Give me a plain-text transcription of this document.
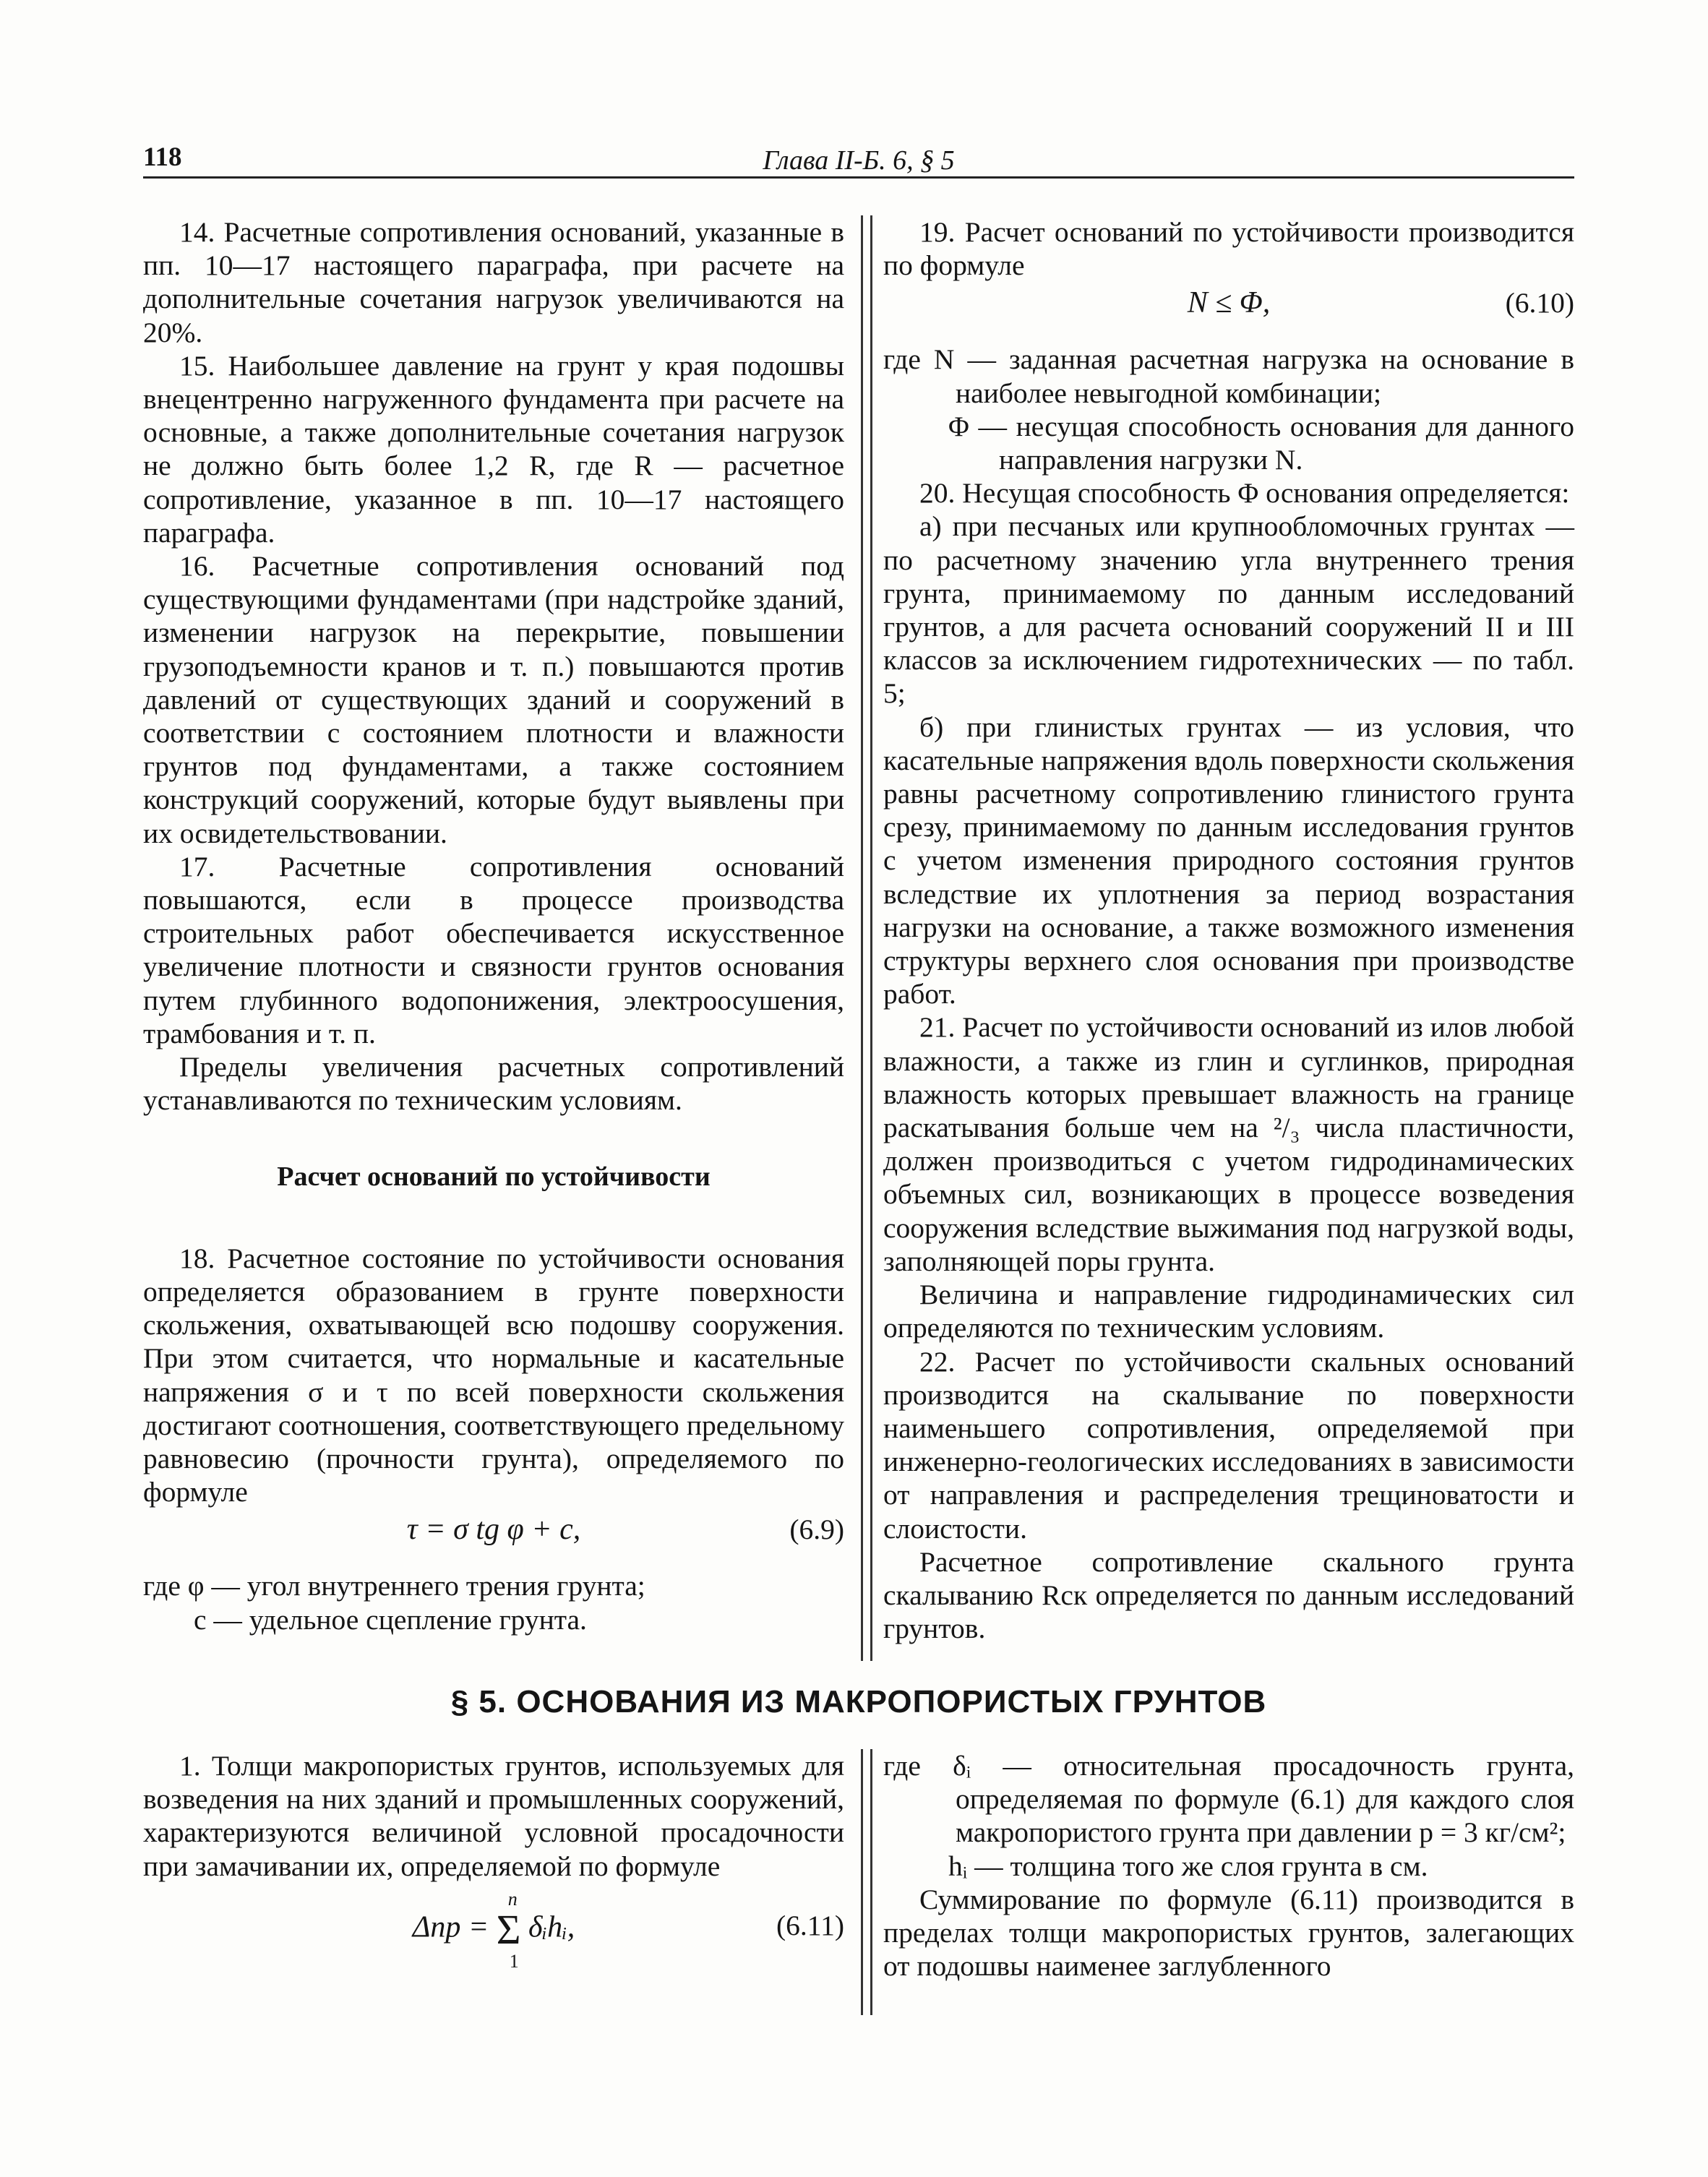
118	Глава II-Б. 6, § 5

14. Расчетные сопротивления оснований, указанные в пп. 10—17 настоящего параграфа, при расчете на дополнительные сочетания нагрузок увеличиваются на 20%.

15. Наибольшее давление на грунт у края подошвы внецентренно нагруженного фундамента при расчете на основные, а также дополнительные сочетания нагрузок не должно быть более 1,2 R, где R — расчетное сопротивление, указанное в пп. 10—17 настоящего параграфа.

16. Расчетные сопротивления оснований под существующими фундаментами (при надстройке зданий, изменении нагрузок на перекрытие, повышении грузоподъемности кранов и т. п.) повышаются против давлений от существующих зданий и сооружений в соответствии с состоянием плотности и влажности грунтов под фундаментами, а также состоянием конструкций сооружений, которые будут выявлены при их освидетельствовании.

17. Расчетные сопротивления оснований повышаются, если в процессе производства строительных работ обеспечивается искусственное увеличение плотности и связности грунтов основания путем глубинного водопонижения, электроосушения, трамбования и т. п.

Пределы увеличения расчетных сопротивлений устанавливаются по техническим условиям.

Расчет оснований по устойчивости

18. Расчетное состояние по устойчивости основания определяется образованием в грунте поверхности скольжения, охватывающей всю подошву сооружения. При этом считается, что нормальные и касательные напряжения σ и τ по всей поверхности скольжения достигают соотношения, соответствующего предельному равновесию (прочности грунта), определяемого по формуле

τ = σ tg φ + c,	(6.9)

где φ — угол внутреннего трения грунта;

c — удельное сцепление грунта.

19. Расчет оснований по устойчивости производится по формуле

N ≤ Φ,	(6.10)

где N — заданная расчетная нагрузка на основание в наиболее невыгодной комбинации;

Φ — несущая способность основания для данного направления нагрузки N.

20. Несущая способность Φ основания определяется:

а) при песчаных или крупнообломочных грунтах — по расчетному значению угла внутреннего трения грунта, принимаемому по данным исследований грунтов, а для расчета оснований сооружений II и III классов за исключением гидротехнических — по табл. 5;

б) при глинистых грунтах — из условия, что касательные напряжения вдоль поверхности скольжения равны расчетному сопротивлению глинистого грунта срезу, принимаемому по данным исследования грунтов с учетом изменения природного состояния грунтов вследствие их уплотнения за период возрастания нагрузки на основание, а также возможного изменения структуры верхнего слоя основания при производстве работ.

21. Расчет по устойчивости оснований из илов любой влажности, а также из глин и суглинков, природная влажность которых превышает влажность на границе раскатывания больше чем на ²/₃ числа пластичности, должен производиться с учетом гидродинамических объемных сил, возникающих в процессе возведения сооружения вследствие выжимания под нагрузкой воды, заполняющей поры грунта.

Величина и направление гидродинамических сил определяются по техническим условиям.

22. Расчет по устойчивости скальных оснований производится на скалывание по поверхности наименьшего сопротивления, определяемой при инженерно-геологических исследованиях в зависимости от направления и распределения трещиноватости и слоистости.

Расчетное сопротивление скального грунта скалыванию Rск определяется по данным исследований грунтов.

§ 5. ОСНОВАНИЯ ИЗ МАКРОПОРИСТЫХ ГРУНТОВ

1. Толщи макропористых грунтов, используемых для возведения на них зданий и промышленных сооружений, характеризуются величиной условной просадочности при замачивании их, определяемой по формуле

Δпр = Σ
n
1
δᵢhᵢ,	(6.11)

где δᵢ — относительная просадочность грунта, определяемая по формуле (6.1) для каждого слоя макропористого грунта при давлении p = 3 кг/см²;

hᵢ — толщина того же слоя грунта в см.

Суммирование по формуле (6.11) производится в пределах толщи макропористых грунтов, залегающих от подошвы наименее заглубленного
